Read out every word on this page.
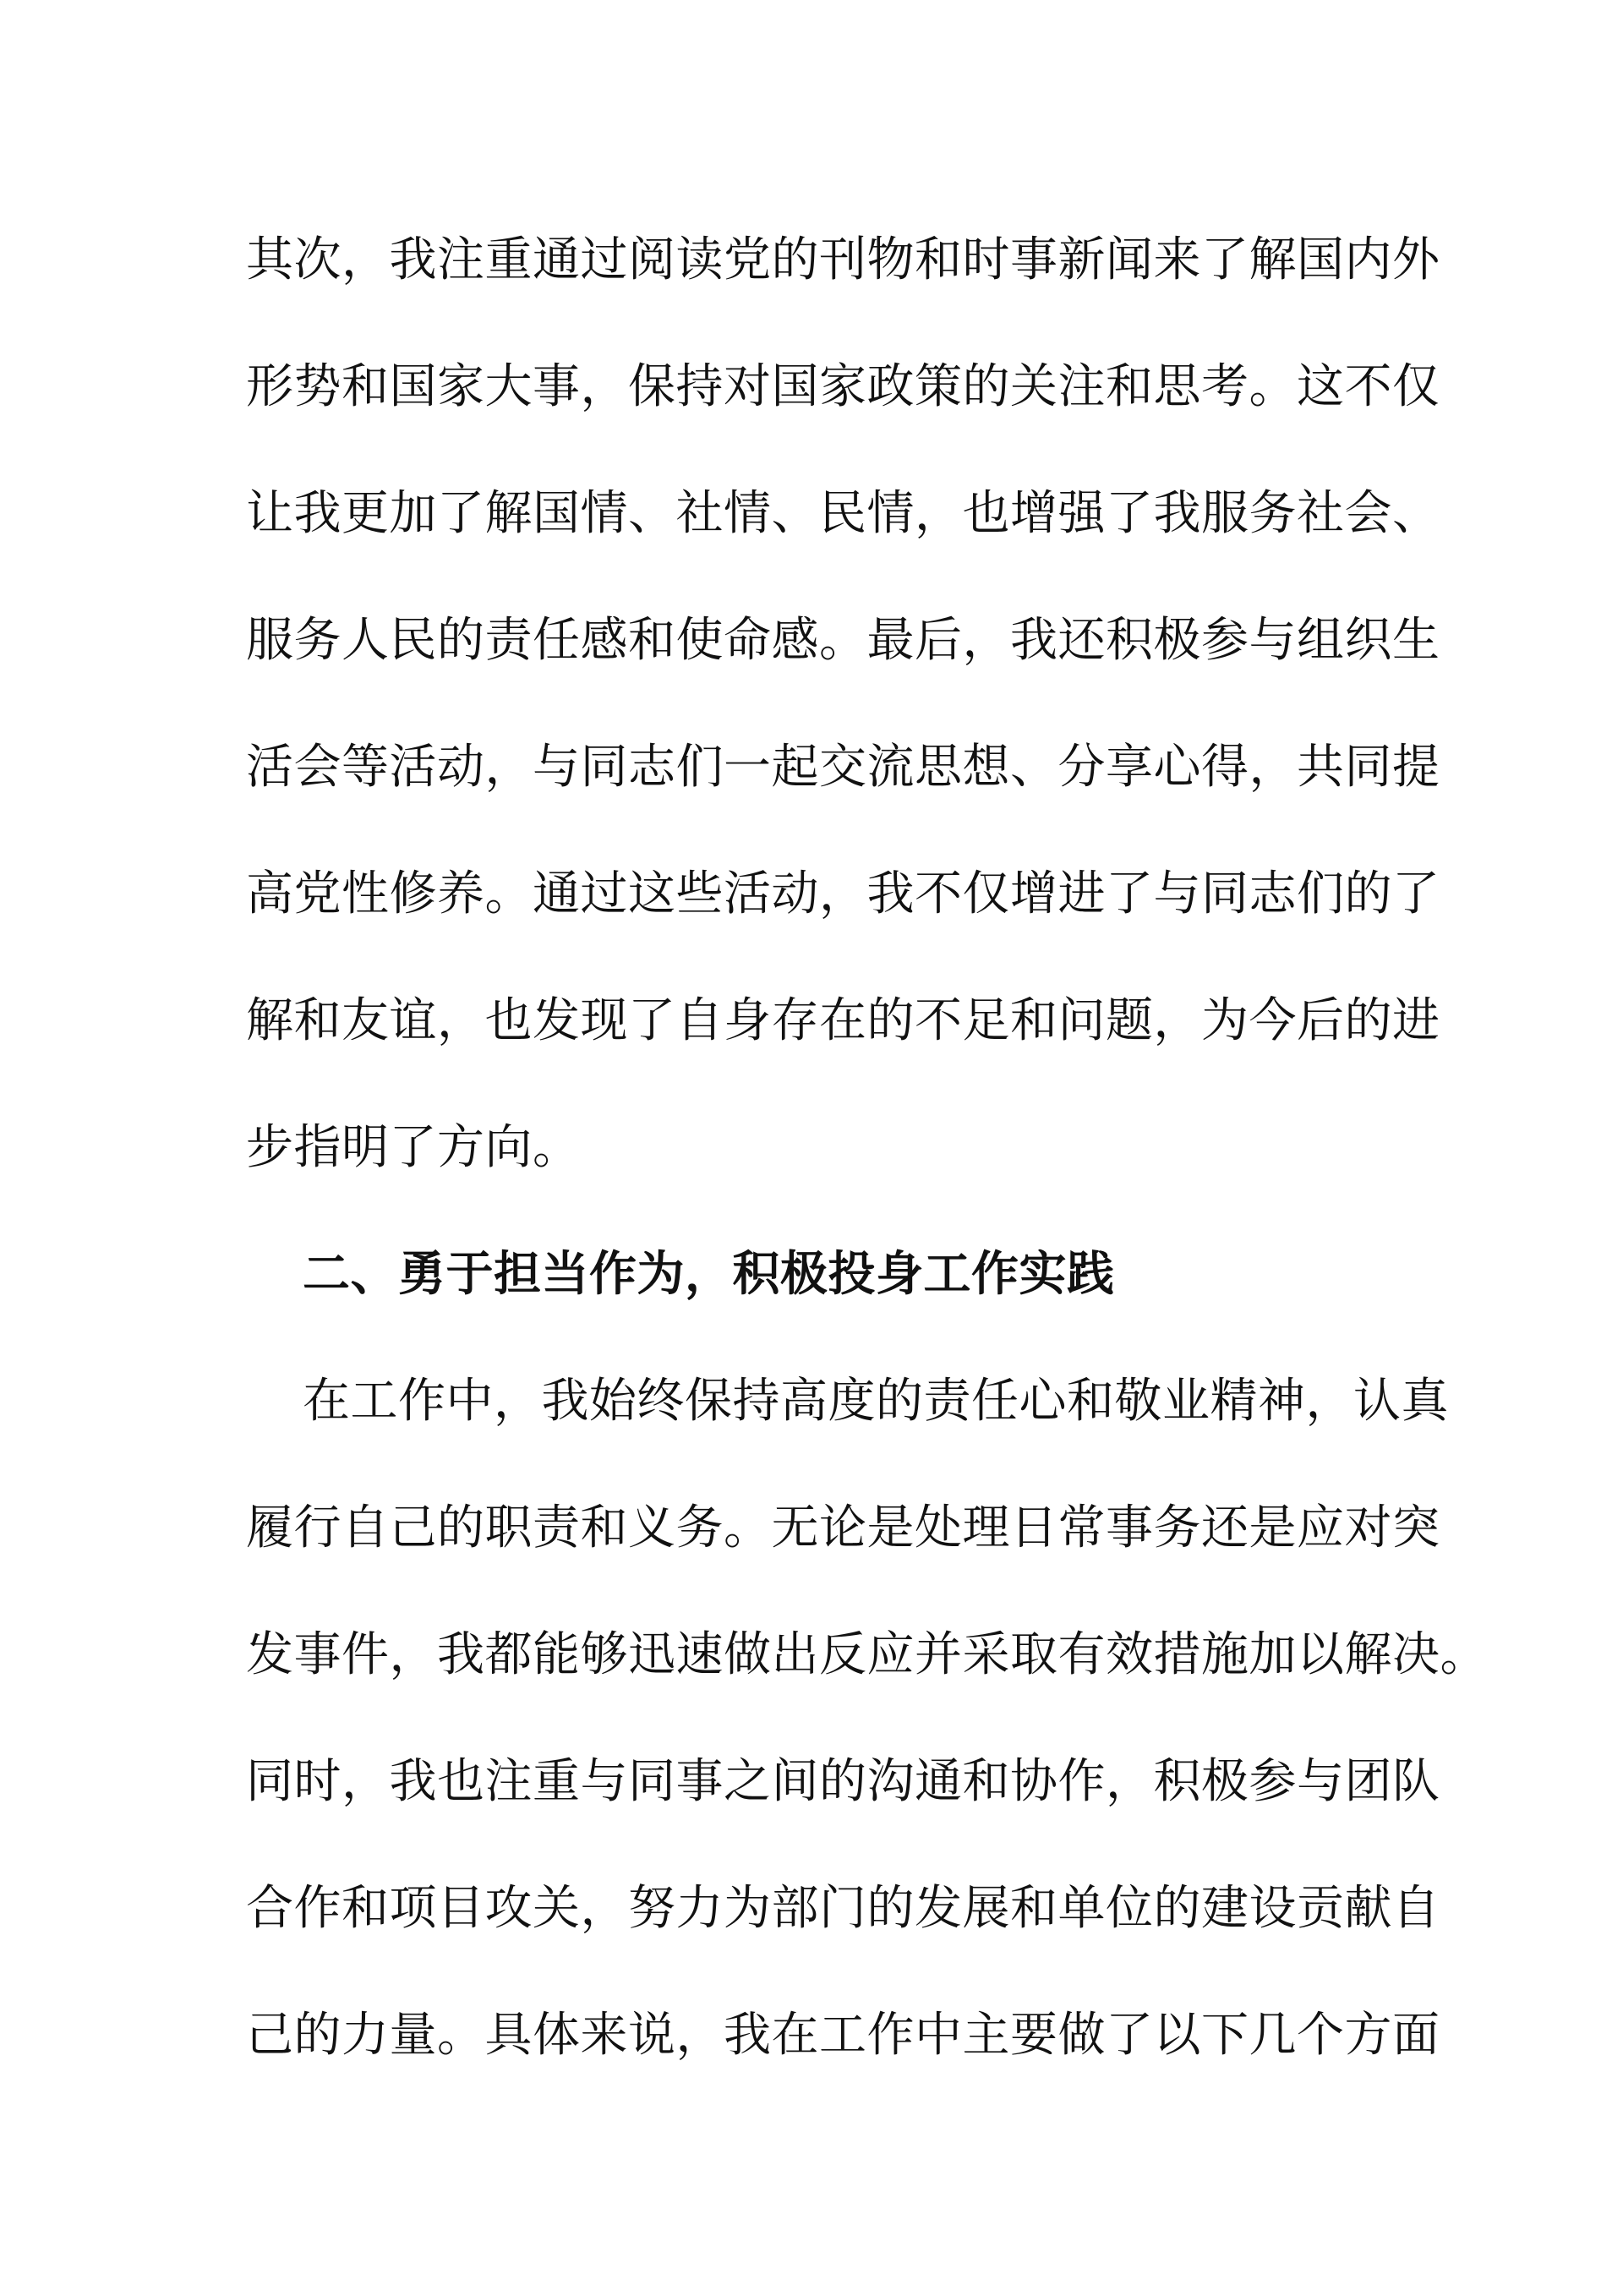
其次，我注重通过阅读党的刊物和时事新闻来了解国内外

形势和国家大事，保持对国家政策的关注和思考。这不仅

让我更加了解国情、社情、民情，也增强了我服务社会、

服务人民的责任感和使命感。最后，我还积极参与组织生

活会等活动，与同志们一起交流思想、分享心得，共同提

高党性修养。通过这些活动，我不仅增进了与同志们的了

解和友谊，也发现了自身存在的不足和问题，为今后的进

步指明了方向。

二、勇于担当作为，积极投身工作实践

在工作中，我始终保持高度的责任心和敬业精神，认真

履行自己的职责和义务。无论是处理日常事务还是应对突

发事件，我都能够迅速做出反应并采取有效措施加以解决。

同时，我也注重与同事之间的沟通和协作，积极参与团队

合作和项目攻关，努力为部门的发展和单位的建设贡献自

己的力量。具体来说，我在工作中主要做了以下几个方面
